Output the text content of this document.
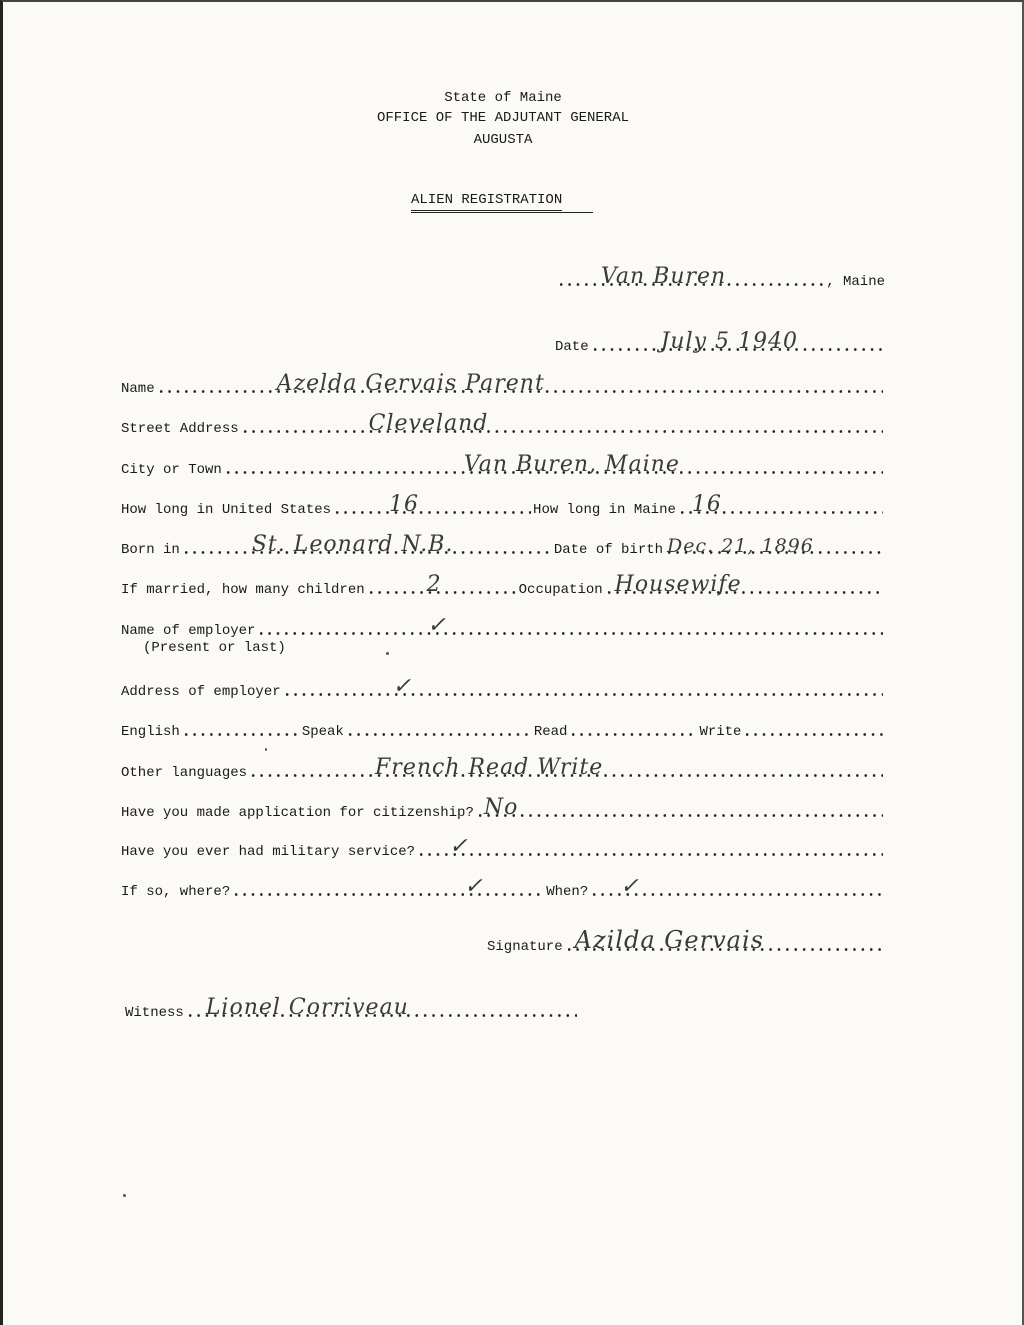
State of Maine
OFFICE OF THE ADJUTANT GENERAL
AUGUSTA
ALIEN REGISTRATION
Van Buren	, Maine
Date	July 5 1940
Name	Azelda Gervais Parent
Street Address	Cleveland
City or Town	Van Buren, Maine
How long in United States	16	How long in Maine 16
Born in	St. Leonard N.B.	Date of birth Dec. 21, 1896
If married, how many children	2	Occupation Housewife
Name of employer	✓
(Present or last)
Address of employer	✓
English	Speak	Read	Write
Other languages	French Read Write
Have you made application for citizenship? No
Have you ever had military service? ✓
If so, where?	✓	When? ✓
Signature Azilda Gervais
Witness Lionel Corriveau
